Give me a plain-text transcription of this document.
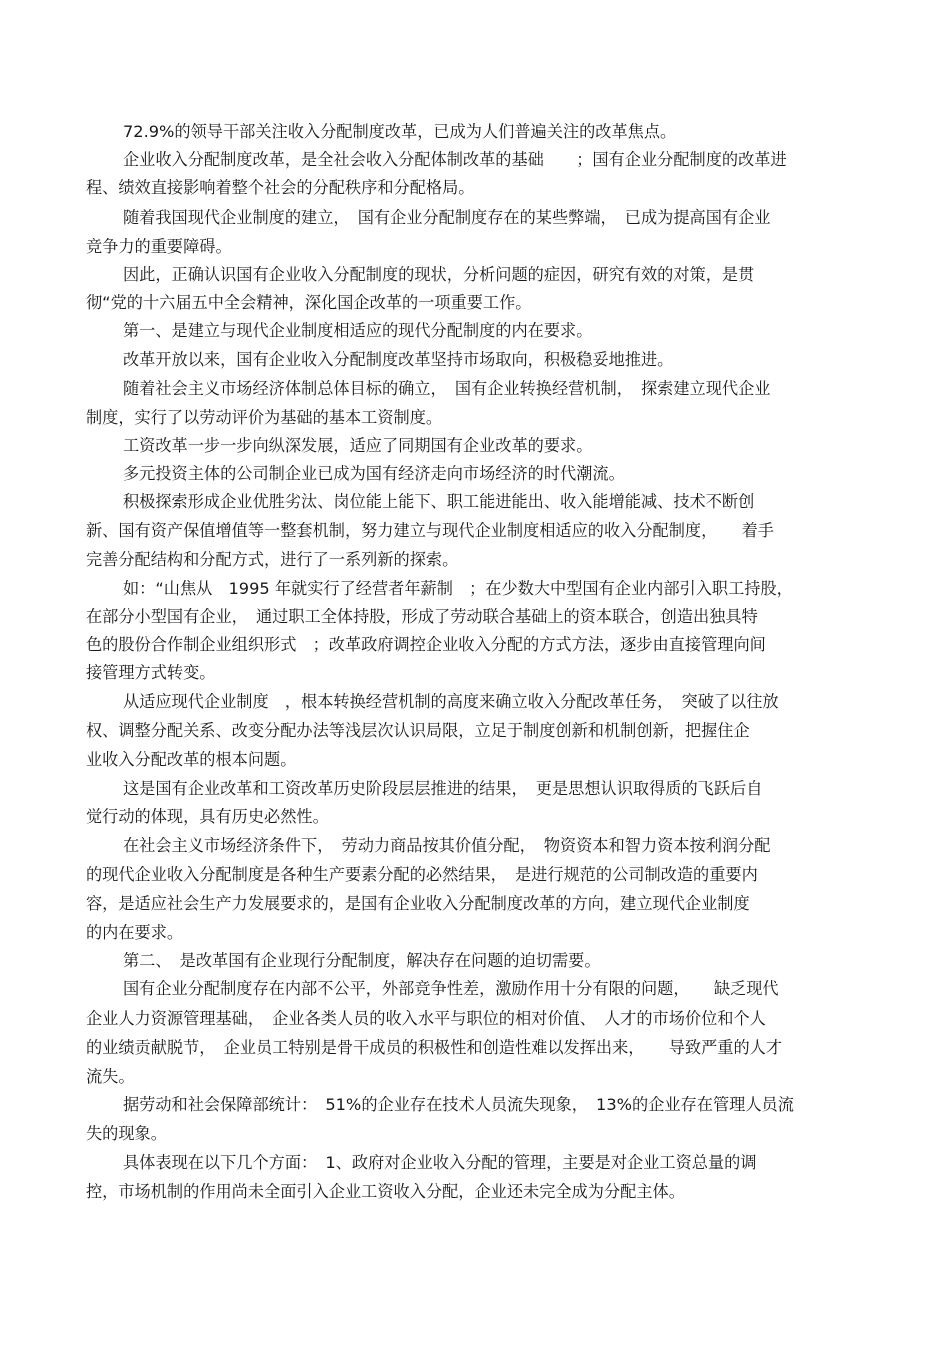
72.9%的领导干部关注收入分配制度改革，已成为人们普遍关注的改革焦点。
企业收入分配制度改革，是全社会收入分配体制改革的基础　　；国有企业分配制度的改革进
程、绩效直接影响着整个社会的分配秩序和分配格局。
随着我国现代企业制度的建立，　国有企业分配制度存在的某些弊端，　已成为提高国有企业
竞争力的重要障碍。
因此，正确认识国有企业收入分配制度的现状，分析问题的症因，研究有效的对策，是贯
彻“党的十六届五中全会精神，深化国企改革的一项重要工作。
第一、是建立与现代企业制度相适应的现代分配制度的内在要求。
改革开放以来，国有企业收入分配制度改革坚持市场取向，积极稳妥地推进。
随着社会主义市场经济体制总体目标的确立，　国有企业转换经营机制，　探索建立现代企业
制度，实行了以劳动评价为基础的基本工资制度。
工资改革一步一步向纵深发展，适应了同期国有企业改革的要求。
多元投资主体的公司制企业已成为国有经济走向市场经济的时代潮流。
积极探索形成企业优胜劣汰、岗位能上能下、职工能进能出、收入能增能减、技术不断创
新、国有资产保值增值等一整套机制，努力建立与现代企业制度相适应的收入分配制度，　　着手
完善分配结构和分配方式，进行了一系列新的探索。
如：“山焦从　1995 年就实行了经营者年薪制　；在少数大中型国有企业内部引入职工持股，
在部分小型国有企业，　通过职工全体持股，形成了劳动联合基础上的资本联合，创造出独具特
色的股份合作制企业组织形式　；改革政府调控企业收入分配的方式方法，逐步由直接管理向间
接管理方式转变。
从适应现代企业制度　，根本转换经营机制的高度来确立收入分配改革任务，　突破了以往放
权、调整分配关系、改变分配办法等浅层次认识局限，立足于制度创新和机制创新，把握住企
业收入分配改革的根本问题。
这是国有企业改革和工资改革历史阶段层层推进的结果，　更是思想认识取得质的飞跃后自
觉行动的体现，具有历史必然性。
在社会主义市场经济条件下，　劳动力商品按其价值分配，　物资资本和智力资本按利润分配
的现代企业收入分配制度是各种生产要素分配的必然结果，　是进行规范的公司制改造的重要内
容，是适应社会生产力发展要求的，是国有企业收入分配制度改革的方向，建立现代企业制度
的内在要求。
第二、　是改革国有企业现行分配制度，解决存在问题的迫切需要。
国有企业分配制度存在内部不公平，外部竞争性差，激励作用十分有限的问题，　　缺乏现代
企业人力资源管理基础，　企业各类人员的收入水平与职位的相对价值、　人才的市场价位和个人
的业绩贡献脱节，　企业员工特别是骨干成员的积极性和创造性难以发挥出来，　　导致严重的人才
流失。
据劳动和社会保障部统计：　51%的企业存在技术人员流失现象，　13%的企业存在管理人员流
失的现象。
具体表现在以下几个方面：　1、政府对企业收入分配的管理，主要是对企业工资总量的调
控，市场机制的作用尚未全面引入企业工资收入分配，企业还未完全成为分配主体。
